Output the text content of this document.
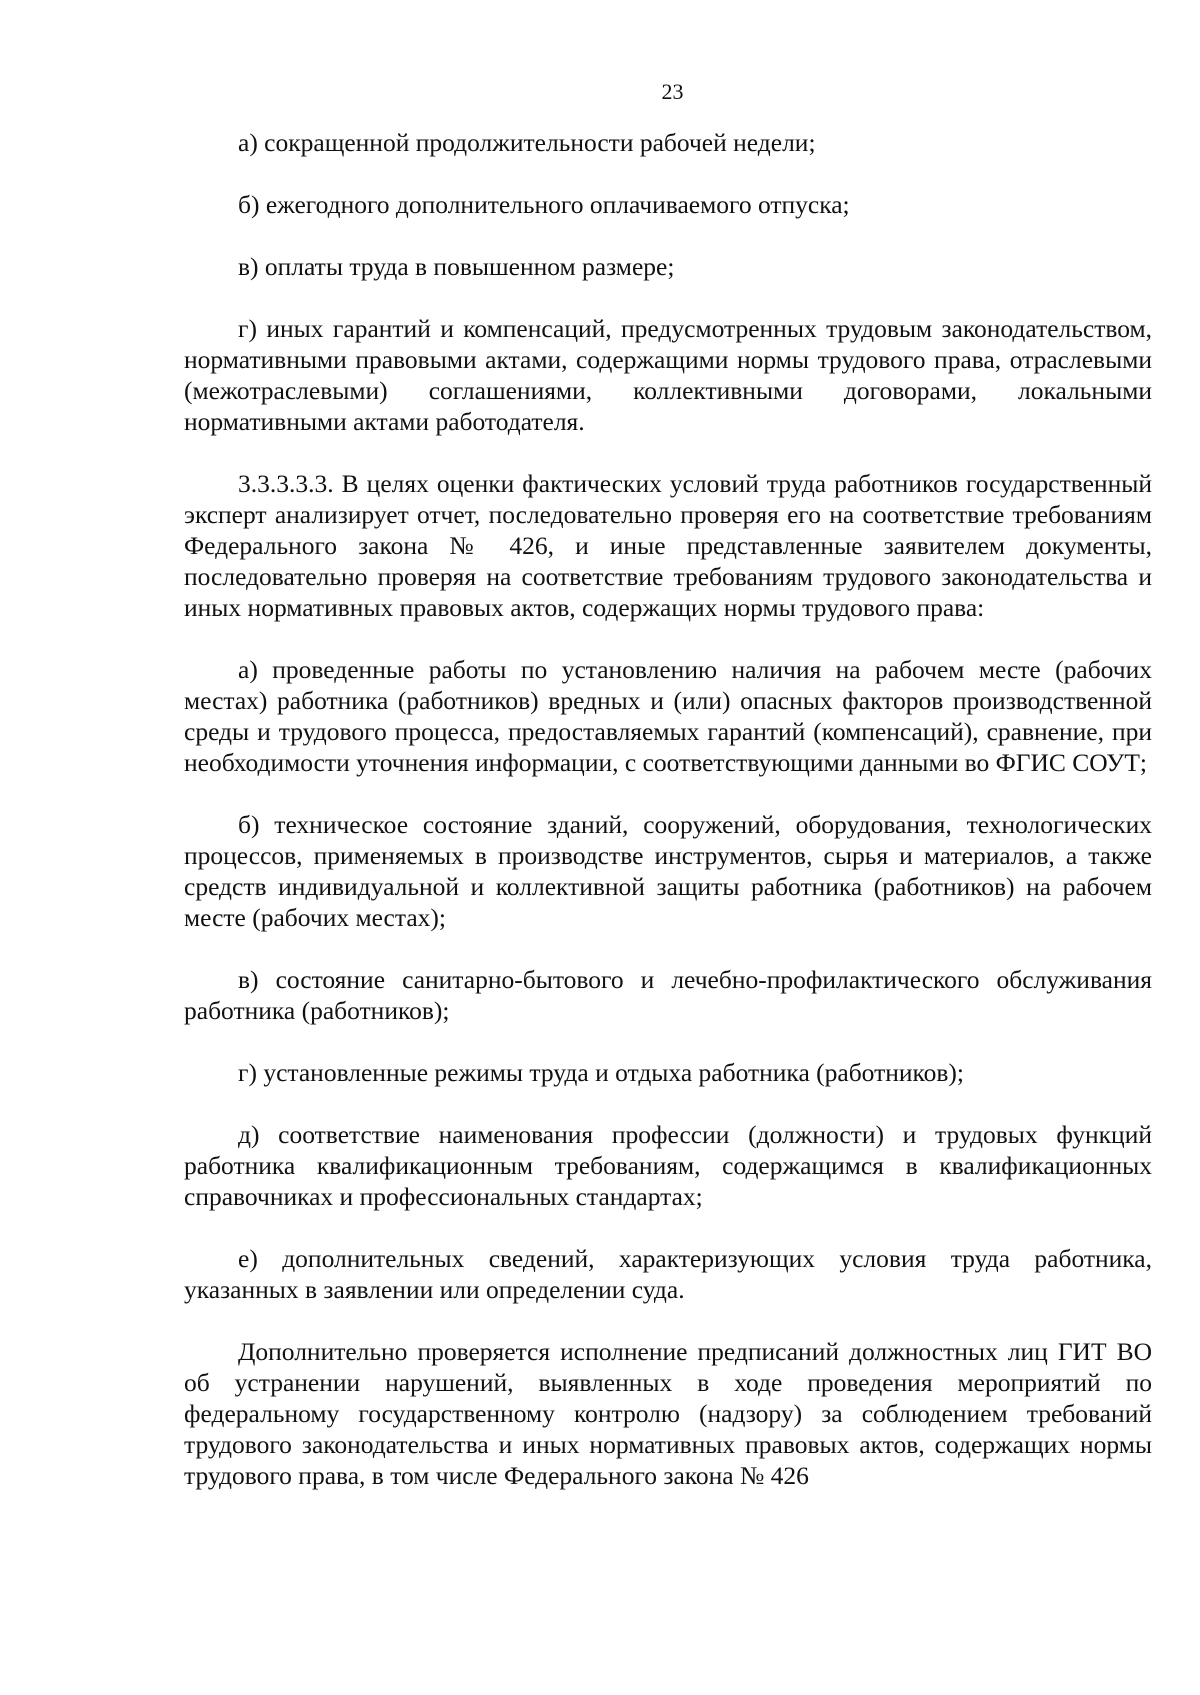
23

а) сокращенной продолжительности рабочей недели;

б) ежегодного дополнительного оплачиваемого отпуска;

в) оплаты труда в повышенном размере;

г) иных гарантий и компенсаций, предусмотренных трудовым законодательством, нормативными правовыми актами, содержащими нормы трудового права, отраслевыми (межотраслевыми) соглашениями, коллективными договорами, локальными нормативными актами работодателя.

3.3.3.3.3. В целях оценки фактических условий труда работников государственный эксперт анализирует отчет, последовательно проверяя его на соответствие требованиям Федерального закона № 426, и иные представленные заявителем документы, последовательно проверяя на соответствие требованиям трудового законодательства и иных нормативных правовых актов, содержащих нормы трудового права:

а) проведенные работы по установлению наличия на рабочем месте (рабочих местах) работника (работников) вредных и (или) опасных факторов производственной среды и трудового процесса, предоставляемых гарантий (компенсаций), сравнение, при необходимости уточнения информации, с соответствующими данными во ФГИС СОУТ;

б) техническое состояние зданий, сооружений, оборудования, технологических процессов, применяемых в производстве инструментов, сырья и материалов, а также средств индивидуальной и коллективной защиты работника (работников) на рабочем месте (рабочих местах);

в) состояние санитарно-бытового и лечебно-профилактического обслуживания работника (работников);

г) установленные режимы труда и отдыха работника (работников);

д) соответствие наименования профессии (должности) и трудовых функций работника квалификационным требованиям, содержащимся в квалификационных справочниках и профессиональных стандартах;

е) дополнительных сведений, характеризующих условия труда работника, указанных в заявлении или определении суда.

Дополнительно проверяется исполнение предписаний должностных лиц ГИТ ВО об устранении нарушений, выявленных в ходе проведения мероприятий по федеральному государственному контролю (надзору) за соблюдением требований трудового законодательства и иных нормативных правовых актов, содержащих нормы трудового права, в том числе Федерального закона № 426
